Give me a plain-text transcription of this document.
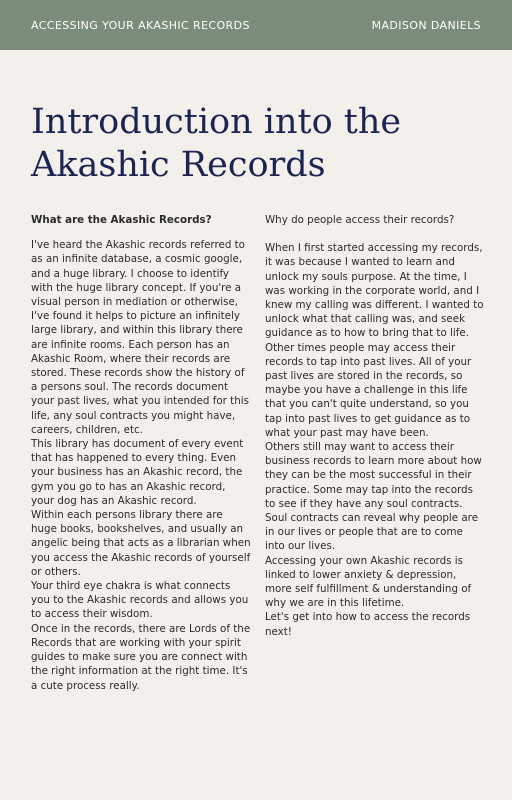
ACCESSING YOUR AKASHIC RECORDS	MADISON DANIELS
Introduction into the
Akashic Records

What are the Akashic Records?

I've heard the Akashic records referred to as an infinite database, a cosmic google, and a huge library. I choose to identify with the huge library concept. If you're a visual person in mediation or otherwise, I've found it helps to picture an infinitely large library, and within this library there are infinite rooms. Each person has an Akashic Room, where their records are stored. These records show the history of a persons soul. The records document your past lives, what you intended for this life, any soul contracts you might have, careers, children, etc.

This library has document of every event that has happened to every thing. Even your business has an Akashic record, the gym you go to has an Akashic record, your dog has an Akashic record.

Within each persons library there are huge books, bookshelves, and usually an angelic being that acts as a librarian when you access the Akashic records of yourself or others.

Your third eye chakra is what connects you to the Akashic records and allows you to access their wisdom.

Once in the records, there are Lords of the Records that are working with your spirit guides to make sure you are connect with the right information at the right time. It's a cute process really.

Why do people access their records?

When I first started accessing my records, it was because I wanted to learn and unlock my souls purpose. At the time, I was working in the corporate world, and I knew my calling was different. I wanted to unlock what that calling was, and seek guidance as to how to bring that to life.

Other times people may access their records to tap into past lives. All of your past lives are stored in the records, so maybe you have a challenge in this life that you can't quite understand, so you tap into past lives to get guidance as to what your past may have been.

Others still may want to access their business records to learn more about how they can be the most successful in their practice. Some may tap into the records to see if they have any soul contracts. Soul contracts can reveal why people are in our lives or people that are to come into our lives.

Accessing your own Akashic records is linked to lower anxiety & depression, more self fulfillment & understanding of why we are in this lifetime.

Let's get into how to access the records next!
